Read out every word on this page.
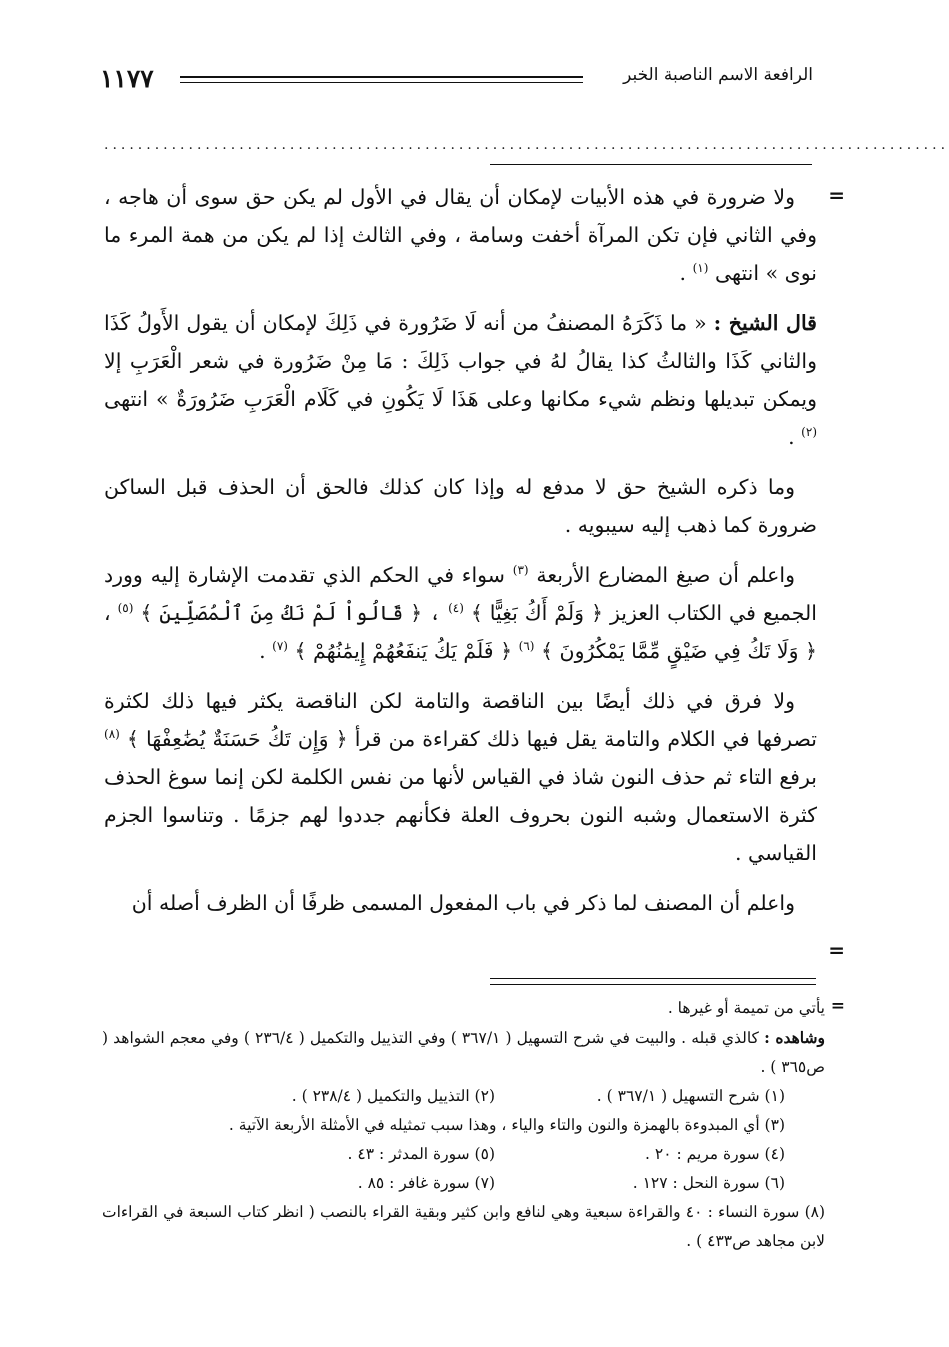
الرافعة الاسم الناصبة الخبر
١١٧٧
....................................................................................................
=

ولا ضرورة في هذه الأبيات لإمكان أن يقال في الأول لم يكن حق سوى أن هاجه ، وفي الثاني فإن تكن المرآة أخفت وسامة ، وفي الثالث إذا لم يكن من همة المرء ما نوى » انتهى $^{(١)}$ .

قال الشيخ : « ما ذَكَرَهُ المصنفُ من أنه لَا ضَرُورة في ذَلِكَ لإمكان أن يقول الأَولُ كَذَا والثاني كَذَا والثالثُ كذا يقالُ لهُ في جواب ذَلِكَ : مَا مِنْ ضَرُورة في شعر الْعَرَبِ إلا ويمكن تبديلها ونظم شيء مكانها وعلى هَذَا لَا يَكُونِ في كَلَام الْعَرَبِ ضَرُورَةٌ » انتهى $^{(٢)}$ .

وما ذكره الشيخ حق لا مدفع له وإذا كان كذلك فالحق أن الحذف قبل الساكن ضرورة كما ذهب إليه سيبويه .

واعلم أن صيغ المضارع الأربعة $^{(٣)}$ سواء في الحكم الذي تقدمت الإشارة إليه وورد الجميع في الكتاب العزيز ﴿ وَلَمْ أَكُ بَغِيًّا ﴾ $^{(٤)}$ ، ﴿ قَالُواْ لَمْ نَكُ مِنَ ٱلْمُصَلِّينَ ﴾ $^{(٥)}$ ، ﴿ وَلَا تَكُ فِي ضَيْقٍ مِّمَّا يَمْكُرُونَ ﴾ $^{(٦)}$ ﴿ فَلَمْ يَكُ يَنفَعُهُمْ إِيمَٰنُهُمْ ﴾ $^{(٧)}$ .

ولا فرق في ذلك أيضًا بين الناقصة والتامة لكن الناقصة يكثر فيها ذلك لكثرة تصرفها في الكلام والتامة يقل فيها ذلك كقراءة من قرأ ﴿ وَإِن تَكُ حَسَنَةٌ يُضَٰعِفْهَا ﴾ $^{(٨)}$ برفع التاء ثم حذف النون شاذ في القياس لأنها من نفس الكلمة لكن إنما سوغ الحذف كثرة الاستعمال وشبه النون بحروف العلة فكأنهم جددوا لهم جزمًا . وتناسوا الجزم القياسي .

واعلم أن المصنف لما ذكر في باب المفعول المسمى ظرفًا أن الظرف أصله أن

=
=
يأتي من تميمة أو غيرها .
وشاهده : كالذي قبله . والبيت في شرح التسهيل ( ٣٦٧/١ ) وفي التذييل والتكميل ( ٢٣٦/٤ ) وفي معجم الشواهد ( ص٣٦٥ ) .
(١) شرح التسهيل ( ٣٦٧/١ ) .
(٢) التذييل والتكميل ( ٢٣٨/٤ ) .
(٣) أي المبدوءة بالهمزة والنون والتاء والياء ، وهذا سبب تمثيله في الأمثلة الأربعة الآتية .
(٤) سورة مريم : ٢٠ .
(٥) سورة المدثر : ٤٣ .
(٦) سورة النحل : ١٢٧ .
(٧) سورة غافر : ٨٥ .
(٨) سورة النساء : ٤٠ والقراءة سبعية وهي لنافع وابن كثير وبقية القراء بالنصب ( انظر كتاب السبعة في القراءات لابن مجاهد ص٤٣٣ ) .
